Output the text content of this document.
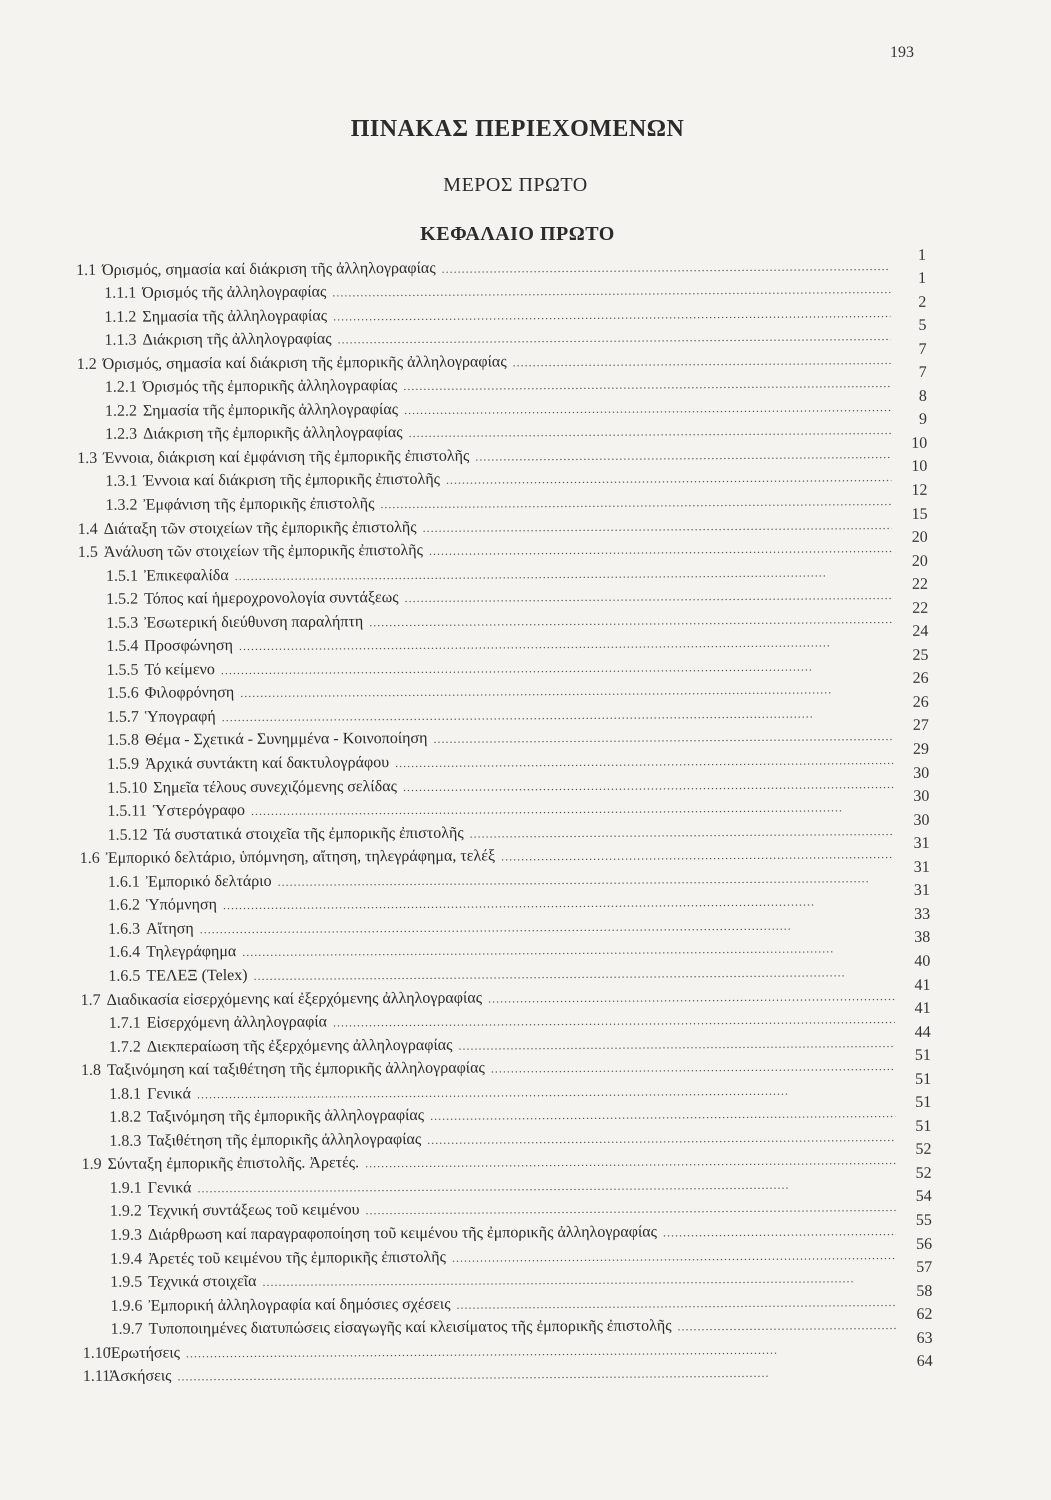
193
ΠΙΝΑΚΑΣ ΠΕΡΙΕΧΟΜΕΝΩΝ
ΜΕΡΟΣ ΠΡΩΤΟ
ΚΕΦΑΛΑΙΟ ΠΡΩΤΟ
1.1 Όρισμός, σημασία καί διάκριση τῆς ἀλληλογραφίας
. . .
1
1.1.1 Όρισμός τῆς ἀλληλογραφίας
. . .
1
1.1.2 Σημασία τῆς ἀλληλογραφίας
. . .
2
1.1.3 Διάκριση τῆς ἀλληλογραφίας
. . .
5
1.2 Όρισμός, σημασία καί διάκριση τῆς ἐμπορικῆς ἀλληλογραφίας
. . .
7
1.2.1 Όρισμός τῆς ἐμπορικῆς ἀλληλογραφίας
. . .
7
1.2.2 Σημασία τῆς ἐμπορικῆς ἀλληλογραφίας
. . .
8
1.2.3 Διάκριση τῆς ἐμπορικῆς ἀλληλογραφίας
. . .
9
1.3 Έννοια, διάκριση καί ἐμφάνιση τῆς ἐμπορικῆς ἐπιστολῆς
. . .
10
1.3.1 Έννοια καί διάκριση τῆς ἐμπορικῆς ἐπιστολῆς
. . .
10
1.3.2 Ἐμφάνιση τῆς ἐμπορικῆς ἐπιστολῆς
. . .
12
1.4 Διάταξη τῶν στοιχείων τῆς ἐμπορικῆς ἐπιστολῆς
. . .
15
1.5 Ἀνάλυση τῶν στοιχείων τῆς ἐμπορικῆς ἐπιστολῆς
. . .
20
1.5.1 Ἐπικεφαλίδα
. . .
20
1.5.2 Τόπος καί ἡμερoχρονολογία συντάξεως
. . .
22
1.5.3 Ἐσωτερική διεύθυνση παραλήπτη
. . .
22
1.5.4 Προσφώνηση
. . .
24
1.5.5 Τό κείμενο
. . .
25
1.5.6 Φιλοφρόνηση
. . .
26
1.5.7 Ὑπογραφή
. . .
26
1.5.8 Θέμα - Σχετικά - Συνημμένα - Κοινοποίηση
. . .
27
1.5.9 Ἀρχικά συντάκτη καί δακτυλογράφου
. . .
29
1.5.10 Σημεῖα τέλους συνεχιζόμενης σελίδας
. . .
30
1.5.11 Ὑστερόγραφο
. . .
30
1.5.12 Τά συστατικά στοιχεῖα τῆς ἐμπορικῆς ἐπιστολῆς
. . .
30
1.6 Ἐμπορικό δελτάριο, ὑπόμνηση, αἴτηση, τηλεγράφημα, τελέξ
. . .
31
1.6.1 Ἐμπορικό δελτάριο
. . .
31
1.6.2 Ὑπόμνηση
. . .
31
1.6.3 Αἴτηση
. . .
33
1.6.4 Τηλεγράφημα
. . .
38
1.6.5 ΤΕΛΕΞ (Telex)
. . .
40
1.7 Διαδικασία εἰσερχόμενης καί ἐξερχόμενης ἀλληλογραφίας
. . .
41
1.7.1 Εἰσερχόμενη ἀλληλογραφία
. . .
41
1.7.2 Διεκπεραίωση τῆς ἐξερχόμενης ἀλληλογραφίας
. . .
44
1.8 Ταξινόμηση καί ταξιθέτηση τῆς ἐμπορικῆς ἀλληλογραφίας
. . .
51
1.8.1 Γενικά
. . .
51
1.8.2 Ταξινόμηση τῆς ἐμπορικῆς ἀλληλογραφίας
. . .
51
1.8.3 Ταξιθέτηση τῆς ἐμπορικῆς ἀλληλογραφίας
. . .
51
1.9 Σύνταξη ἐμπορικῆς ἐπιστολῆς. Ἀρετές.
. . .
52
1.9.1 Γενικά
. . .
52
1.9.2 Τεχνική συντάξεως τοῦ κειμένου
. . .
54
1.9.3 Διάρθρωση καί παραγραφοποίηση τοῦ κειμένου τῆς ἐμπορικῆς ἀλληλογραφίας
. . .
55
1.9.4 Ἀρετές τοῦ κειμένου τῆς ἐμπορικῆς ἐπιστολῆς
. . .
56
1.9.5 Τεχνικά στοιχεῖα
. . .
57
1.9.6 Ἐμπορική ἀλληλογραφία καί δημόσιες σχέσεις
. . .
58
1.9.7 Τυποποιημένες διατυπώσεις εἰσαγωγῆς καί κλεισίματος τῆς ἐμπορικῆς ἐπιστολῆς
. . .
62
1.10
Ἐρωτήσεις
. . .
63
1.11
Ἀσκήσεις
. . .
64
